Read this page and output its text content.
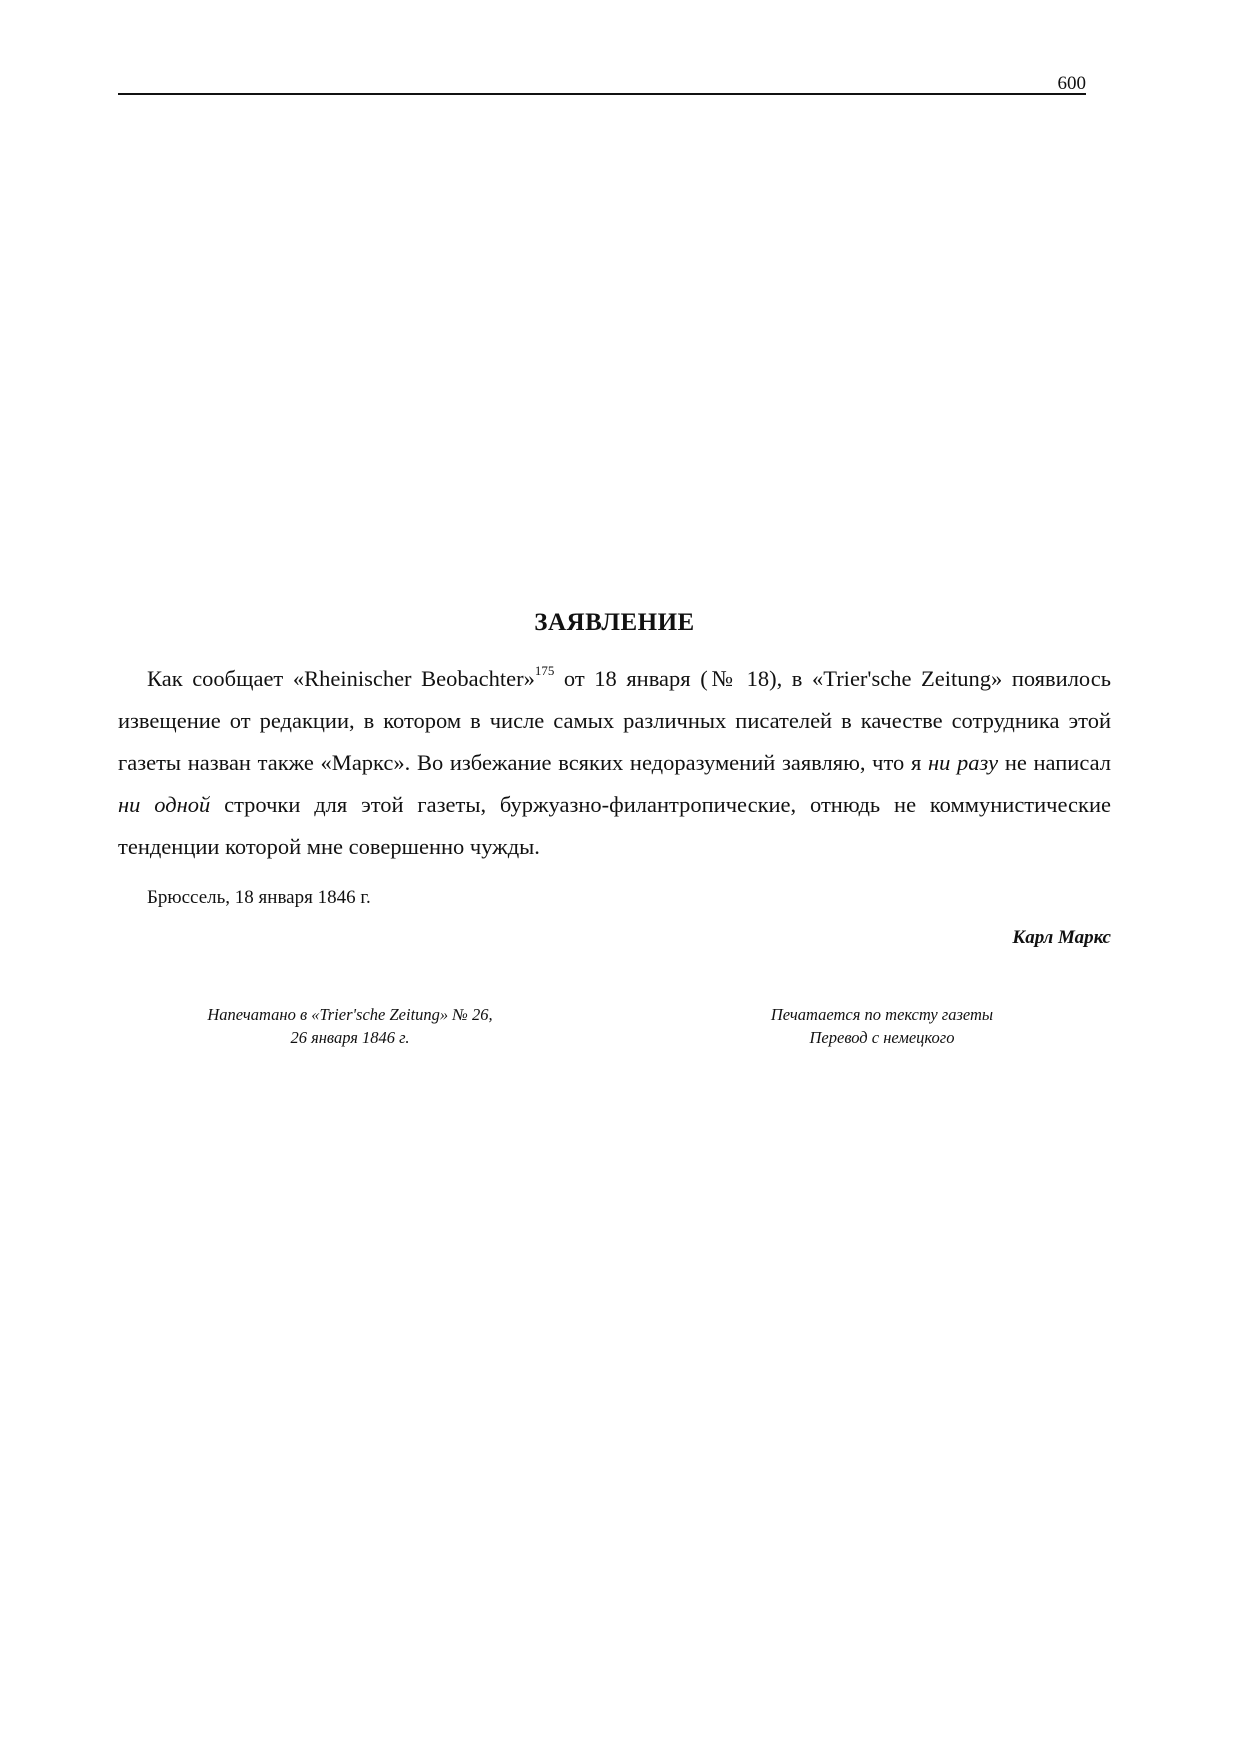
600
ЗАЯВЛЕНИЕ

Как сообщает «Rheinischer Beobachter»$^{175}$ от 18 января (№ 18), в «Trier'sche Zeitung» появилось извещение от редакции, в котором в числе самых различных писателей в качестве сотрудника этой газеты назван также «Маркс». Во избежание всяких недоразумений заявляю, что я ни разу не написал ни одной строчки для этой газеты, буржуазно-филантропические, отнюдь не коммунистические тенденции которой мне совершенно чужды.

Брюссель, 18 января 1846 г.
Карл Маркс
Напечатано в «Trier'sche Zeitung» № 26,
26 января 1846 г.
Печатается по тексту газеты
Перевод с немецкого
